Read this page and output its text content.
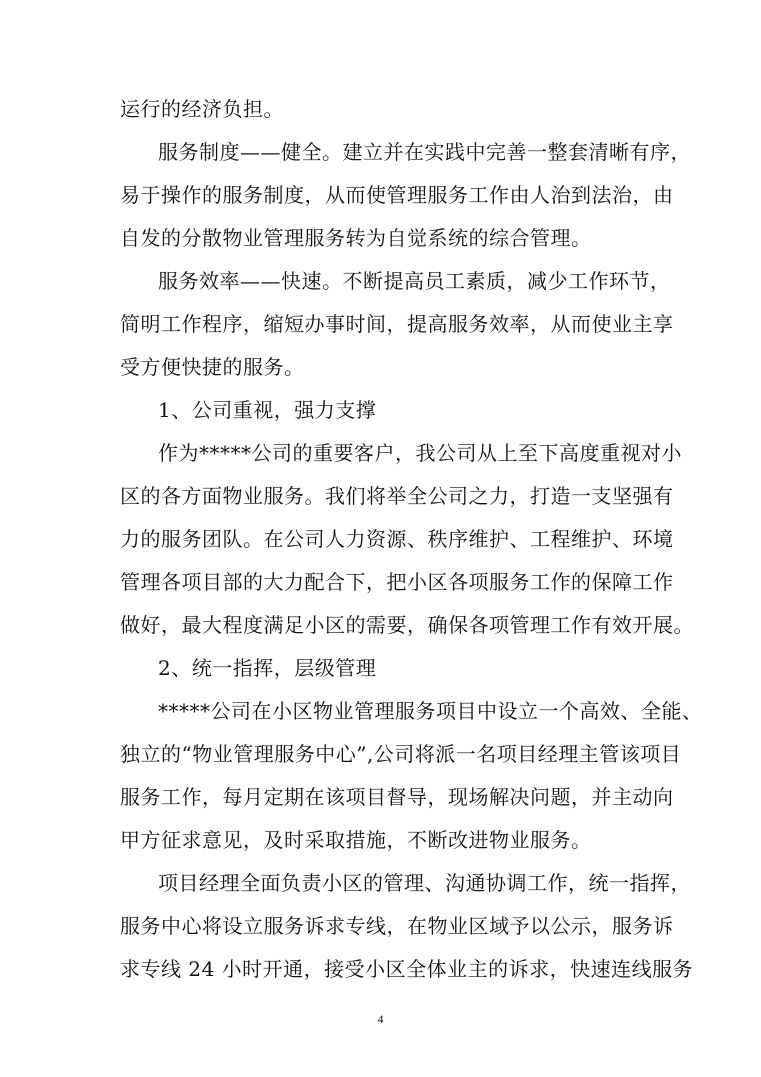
运行的经济负担。
服务制度——健全。建立并在实践中完善一整套清晰有序，
易于操作的服务制度，从而使管理服务工作由人治到法治，由
自发的分散物业管理服务转为自觉系统的综合管理。
服务效率——快速。不断提高员工素质，减少工作环节，
简明工作程序，缩短办事时间，提高服务效率，从而使业主享
受方便快捷的服务。
1、公司重视，强力支撑
作为*****公司的重要客户，我公司从上至下高度重视对小
区的各方面物业服务。我们将举全公司之力，打造一支坚强有
力的服务团队。在公司人力资源、秩序维护、工程维护、环境
管理各项目部的大力配合下，把小区各项服务工作的保障工作
做好，最大程度满足小区的需要，确保各项管理工作有效开展。
2、统一指挥，层级管理
*****公司在小区物业管理服务项目中设立一个高效、全能、
独立的“物业管理服务中心”,公司将派一名项目经理主管该项目
服务工作，每月定期在该项目督导，现场解决问题，并主动向
甲方征求意见，及时采取措施，不断改进物业服务。
项目经理全面负责小区的管理、沟通协调工作，统一指挥，
服务中心将设立服务诉求专线，在物业区域予以公示，服务诉
求专线 24 小时开通，接受小区全体业主的诉求，快速连线服务
4
